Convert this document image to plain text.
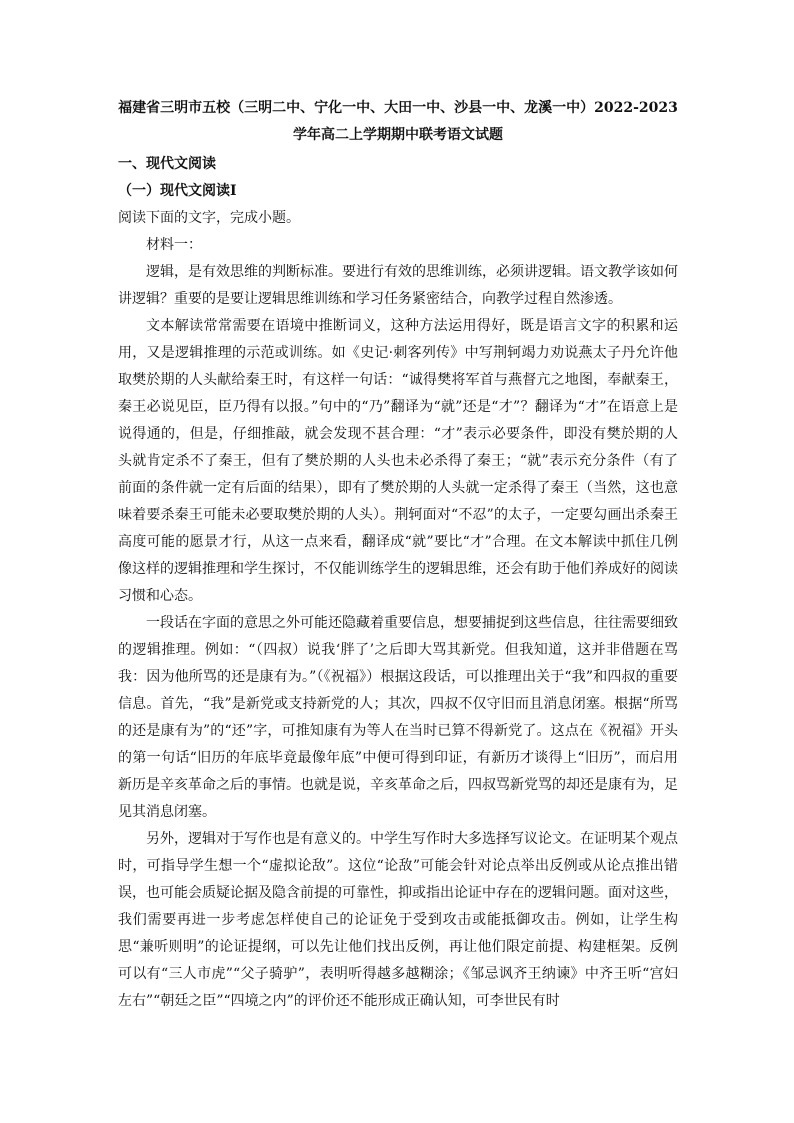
福建省三明市五校（三明二中、宁化一中、大田一中、沙县一中、龙溪一中）2022-2023学年高二上学期期中联考语文试题

一、现代文阅读

（一）现代文阅读Ⅰ

阅读下面的文字，完成小题。

材料一：

逻辑，是有效思维的判断标准。要进行有效的思维训练，必须讲逻辑。语文教学该如何讲逻辑？重要的是要让逻辑思维训练和学习任务紧密结合，向教学过程自然渗透。

文本解读常常需要在语境中推断词义，这种方法运用得好，既是语言文字的积累和运用，又是逻辑推理的示范或训练。如《史记·刺客列传》中写荆轲竭力劝说燕太子丹允许他取樊於期的人头献给秦王时，有这样一句话：“诚得樊将军首与燕督亢之地图，奉献秦王，秦王必说见臣，臣乃得有以报。”句中的“乃”翻译为“就”还是“才”？翻译为“才”在语意上是说得通的，但是，仔细推敲，就会发现不甚合理：“才”表示必要条件，即没有樊於期的人头就肯定杀不了秦王，但有了樊於期的人头也未必杀得了秦王；“就”表示充分条件（有了前面的条件就一定有后面的结果），即有了樊於期的人头就一定杀得了秦王（当然，这也意味着要杀秦王可能未必要取樊於期的人头）。荆轲面对“不忍”的太子，一定要勾画出杀秦王高度可能的愿景才行，从这一点来看，翻译成“就”要比“才”合理。在文本解读中抓住几例像这样的逻辑推理和学生探讨，不仅能训练学生的逻辑思维，还会有助于他们养成好的阅读习惯和心态。

一段话在字面的意思之外可能还隐藏着重要信息，想要捕捉到这些信息，往往需要细致的逻辑推理。例如：“（四叔）说我‘胖了’之后即大骂其新党。但我知道，这并非借题在骂我：因为他所骂的还是康有为。”（《祝福》）根据这段话，可以推理出关于“我”和四叔的重要信息。首先，“我”是新党或支持新党的人；其次，四叔不仅守旧而且消息闭塞。根据“所骂的还是康有为”的“还”字，可推知康有为等人在当时已算不得新党了。这点在《祝福》开头的第一句话“旧历的年底毕竟最像年底”中便可得到印证，有新历才谈得上“旧历”，而启用新历是辛亥革命之后的事情。也就是说，辛亥革命之后，四叔骂新党骂的却还是康有为，足见其消息闭塞。

另外，逻辑对于写作也是有意义的。中学生写作时大多选择写议论文。在证明某个观点时，可指导学生想一个“虚拟论敌”。这位“论敌”可能会针对论点举出反例或从论点推出错误，也可能会质疑论据及隐含前提的可靠性，抑或指出论证中存在的逻辑问题。面对这些，我们需要再进一步考虑怎样使自己的论证免于受到攻击或能抵御攻击。例如，让学生构思“兼听则明”的论证提纲，可以先让他们找出反例，再让他们限定前提、构建框架。反例可以有“三人市虎”“父子骑驴”，表明听得越多越糊涂；《邹忌讽齐王纳谏》中齐王听“宫妇左右”“朝廷之臣”“四境之内”的评价还不能形成正确认知，可李世民有时
